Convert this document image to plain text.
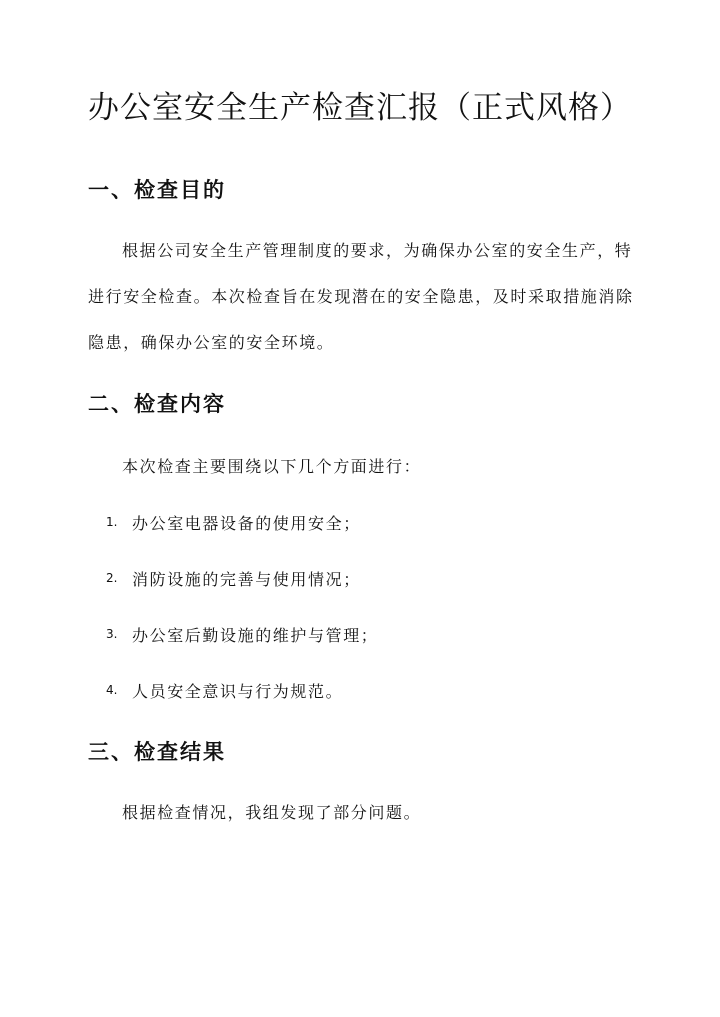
办公室安全生产检查汇报（正式风格）
一、检查目的

根据公司安全生产管理制度的要求，为确保办公室的安全生产，特进行安全检查。本次检查旨在发现潜在的安全隐患，及时采取措施消除隐患，确保办公室的安全环境。

二、检查内容

本次检查主要围绕以下几个方面进行：

1. 办公室电器设备的使用安全；
2. 消防设施的完善与使用情况；
3. 办公室后勤设施的维护与管理；
4. 人员安全意识与行为规范。
三、检查结果

根据检查情况，我组发现了部分问题。
